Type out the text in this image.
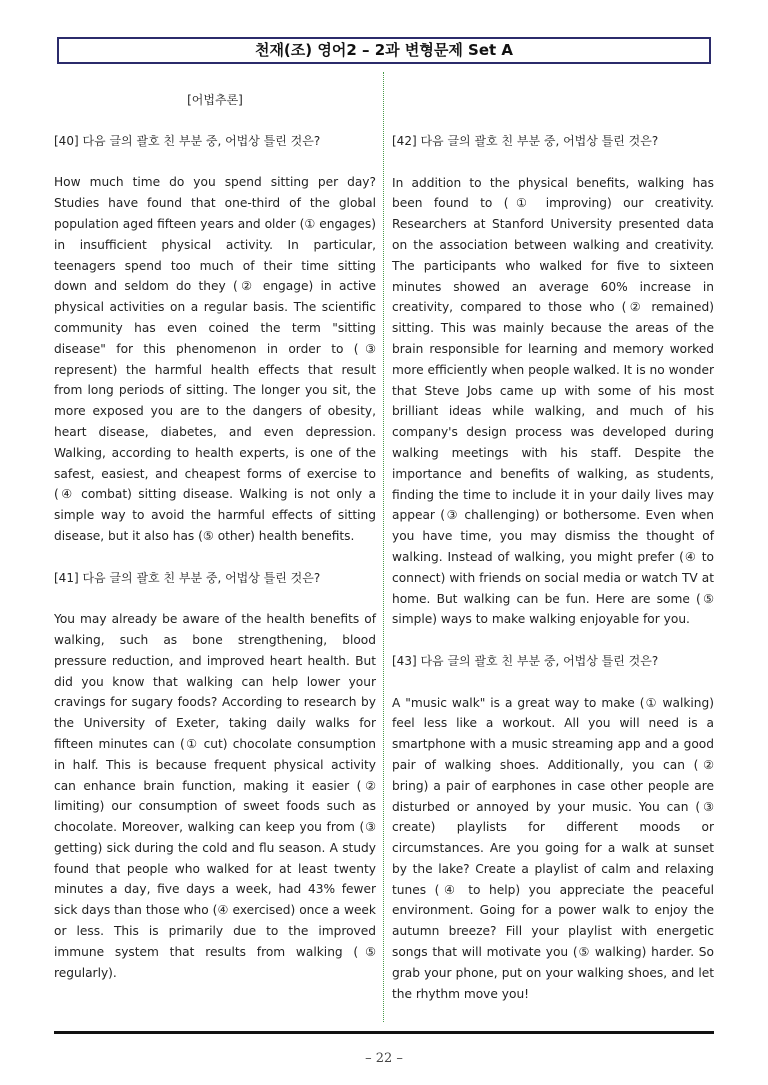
천재(조) 영어2 – 2과 변형문제 Set A
[어법추론]
[40] 다음 글의 괄호 친 부분 중, 어법상 틀린 것은?
How much time do you spend sitting per day? Studies have found that one-third of the global population aged fifteen years and older (① engages) in insufficient physical activity. In particular, teenagers spend too much of their time sitting down and seldom do they (② engage) in active physical activities on a regular basis. The scientific community has even coined the term "sitting disease" for this phenomenon in order to (③ represent) the harmful health effects that result from long periods of sitting. The longer you sit, the more exposed you are to the dangers of obesity, heart disease, diabetes, and even depression. Walking, according to health experts, is one of the safest, easiest, and cheapest forms of exercise to (④ combat) sitting disease. Walking is not only a simple way to avoid the harmful effects of sitting disease, but it also has (⑤ other) health benefits.
[41] 다음 글의 괄호 친 부분 중, 어법상 틀린 것은?
You may already be aware of the health benefits of walking, such as bone strengthening, blood pressure reduction, and improved heart health. But did you know that walking can help lower your cravings for sugary foods? According to research by the University of Exeter, taking daily walks for fifteen minutes can (① cut) chocolate consumption in half. This is because frequent physical activity can enhance brain function, making it easier (② limiting) our consumption of sweet foods such as chocolate. Moreover, walking can keep you from (③ getting) sick during the cold and flu season. A study found that people who walked for at least twenty minutes a day, five days a week, had 43% fewer sick days than those who (④ exercised) once a week or less. This is primarily due to the improved immune system that results from walking (⑤ regularly).
[42] 다음 글의 괄호 친 부분 중, 어법상 틀린 것은?
In addition to the physical benefits, walking has been found to (① improving) our creativity. Researchers at Stanford University presented data on the association between walking and creativity. The participants who walked for five to sixteen minutes showed an average 60% increase in creativity, compared to those who (② remained) sitting. This was mainly because the areas of the brain responsible for learning and memory worked more efficiently when people walked. It is no wonder that Steve Jobs came up with some of his most brilliant ideas while walking, and much of his company's design process was developed during walking meetings with his staff. Despite the importance and benefits of walking, as students, finding the time to include it in your daily lives may appear (③ challenging) or bothersome. Even when you have time, you may dismiss the thought of walking. Instead of walking, you might prefer (④ to connect) with friends on social media or watch TV at home. But walking can be fun. Here are some (⑤ simple) ways to make walking enjoyable for you.
[43] 다음 글의 괄호 친 부분 중, 어법상 틀린 것은?
A "music walk" is a great way to make (① walking) feel less like a workout. All you will need is a smartphone with a music streaming app and a good pair of walking shoes. Additionally, you can (② bring) a pair of earphones in case other people are disturbed or annoyed by your music. You can (③ create) playlists for different moods or circumstances. Are you going for a walk at sunset by the lake? Create a playlist of calm and relaxing tunes (④ to help) you appreciate the peaceful environment. Going for a power walk to enjoy the autumn breeze? Fill your playlist with energetic songs that will motivate you (⑤ walking) harder. So grab your phone, put on your walking shoes, and let the rhythm move you!
– 22 –
